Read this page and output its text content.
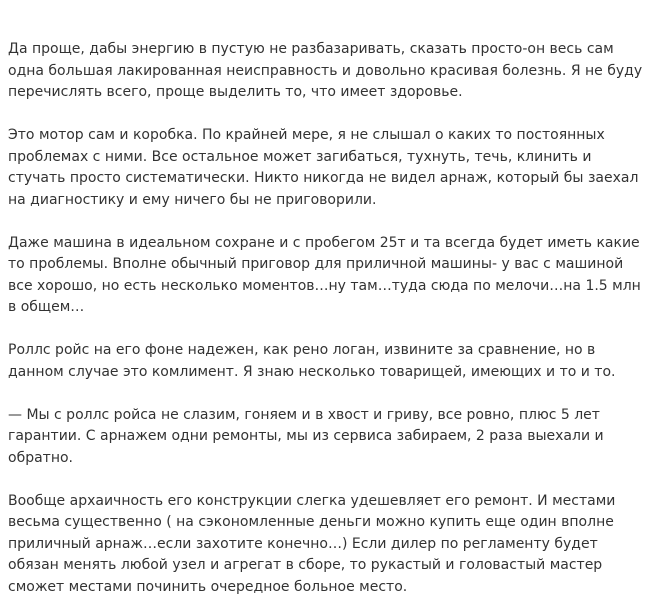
Да проще, дабы энергию в пустую не разбазаривать, сказать просто-он весь сам одна большая лакированная неисправность и довольно красивая болезнь. Я не буду перечислять всего, проще выделить то, что имеет здоровье.

Это мотор сам и коробка. По крайней мере, я не слышал о каких то постоянных проблемах с ними. Все остальное может загибаться, тухнуть, течь, клинить и стучать просто систематически. Никто никогда не видел арнаж, который бы заехал на диагностику и ему ничего бы не приговорили.

Даже машина в идеальном сохране и с пробегом 25т и та всегда будет иметь какие то проблемы. Вполне обычный приговор для приличной машины- у вас с машиной все хорошо, но есть несколько моментов…ну там…туда сюда по мелочи…на 1.5 млн в общем…

Роллс ройс на его фоне надежен, как рено логан, извините за сравнение, но в данном случае это комлимент. Я знаю несколько товарищей, имеющих и то и то.

— Мы с роллс ройса не слазим, гоняем и в хвост и гриву, все ровно, плюс 5 лет гарантии. С арнажем одни ремонты, мы из сервиса забираем, 2 раза выехали и обратно.

Вообще архаичность его конструкции слегка удешевляет его ремонт. И местами весьма существенно ( на сэкономленные деньги можно купить еще один вполне приличный арнаж…если захотите конечно…) Если дилер по регламенту будет обязан менять любой узел и агрегат в сборе, то рукастый и головастый мастер сможет местами починить очередное больное место.
